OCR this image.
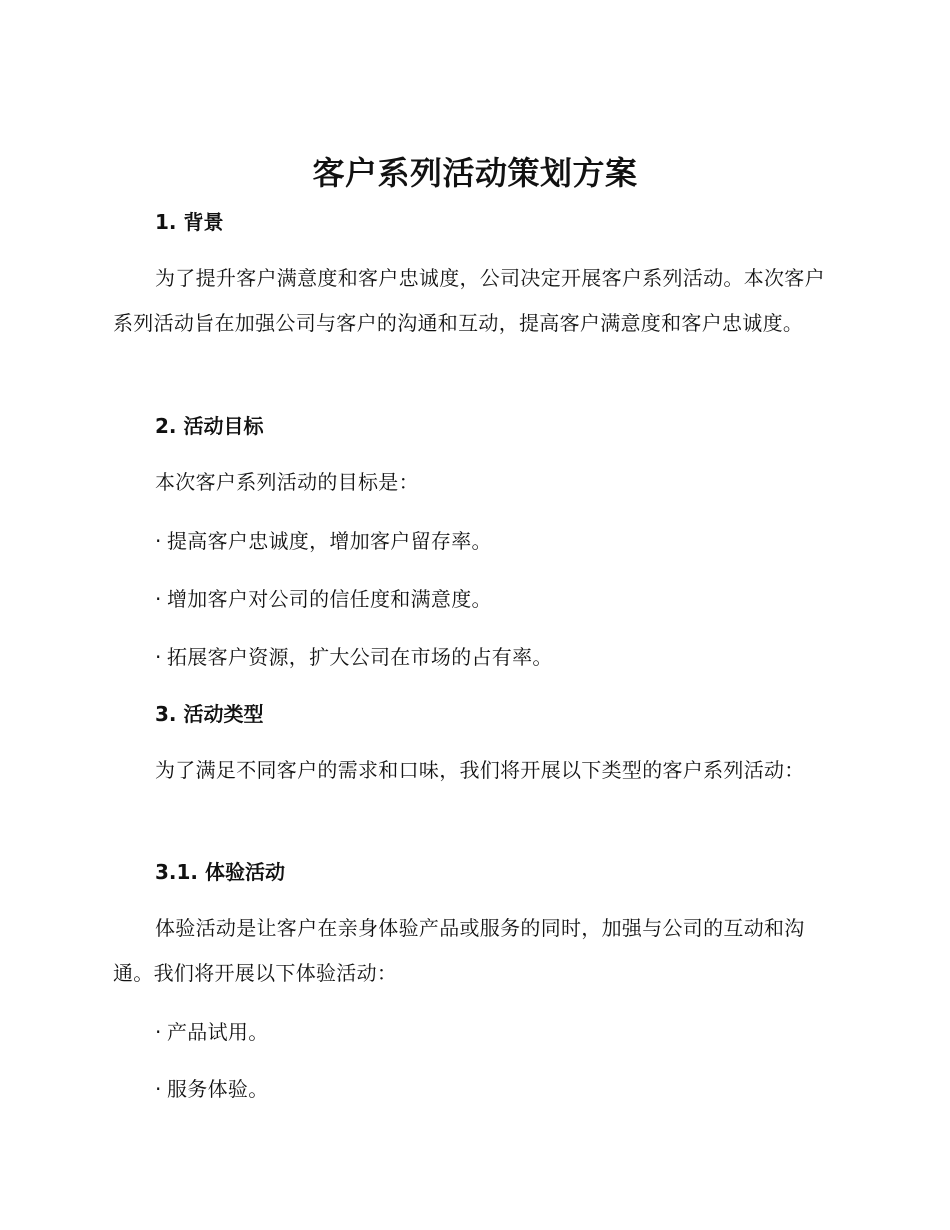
客户系列活动策划方案
1. 背景
为了提升客户满意度和客户忠诚度，公司决定开展客户系列活动。本次客户系列活动旨在加强公司与客户的沟通和互动，提高客户满意度和客户忠诚度。
2. 活动目标
本次客户系列活动的目标是：
· 提高客户忠诚度，增加客户留存率。
· 增加客户对公司的信任度和满意度。
· 拓展客户资源，扩大公司在市场的占有率。
3. 活动类型
为了满足不同客户的需求和口味，我们将开展以下类型的客户系列活动：
3.1. 体验活动
体验活动是让客户在亲身体验产品或服务的同时，加强与公司的互动和沟通。我们将开展以下体验活动：
· 产品试用。
· 服务体验。
